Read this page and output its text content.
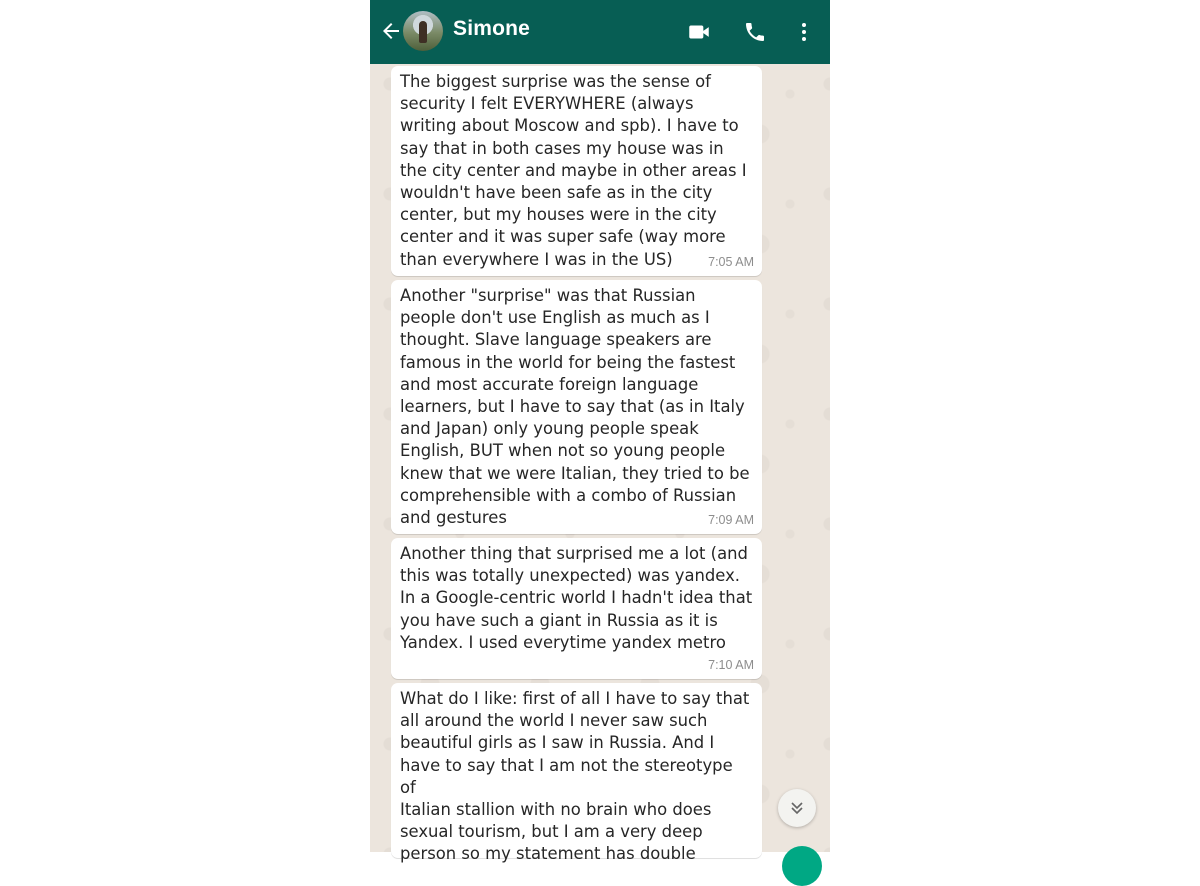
Simone
The biggest surprise was the sense of
security I felt EVERYWHERE (always
writing about Moscow and spb). I have to
say that in both cases my house was in
the city center and maybe in other areas I
wouldn't have been safe as in the city
center, but my houses were in the city
center and it was super safe (way more
than everywhere I was in the US)	7:05 AM
Another "surprise" was that Russian
people don't use English as much as I
thought. Slave language speakers are
famous in the world for being the fastest
and most accurate foreign language
learners, but I have to say that (as in Italy
and Japan) only young people speak
English, BUT when not so young people
knew that we were Italian, they tried to be
comprehensible with a combo of Russian
and gestures	7:09 AM
Another thing that surprised me a lot (and
this was totally unexpected) was yandex.
In a Google-centric world I hadn't idea that
you have such a giant in Russia as it is
Yandex. I used everytime yandex metro
7:10 AM
What do I like: first of all I have to say that
all around the world I never saw such
beautiful girls as I saw in Russia. And I
have to say that I am not the stereotype of
Italian stallion with no brain who does
sexual tourism, but I am a very deep
person so my statement has double
